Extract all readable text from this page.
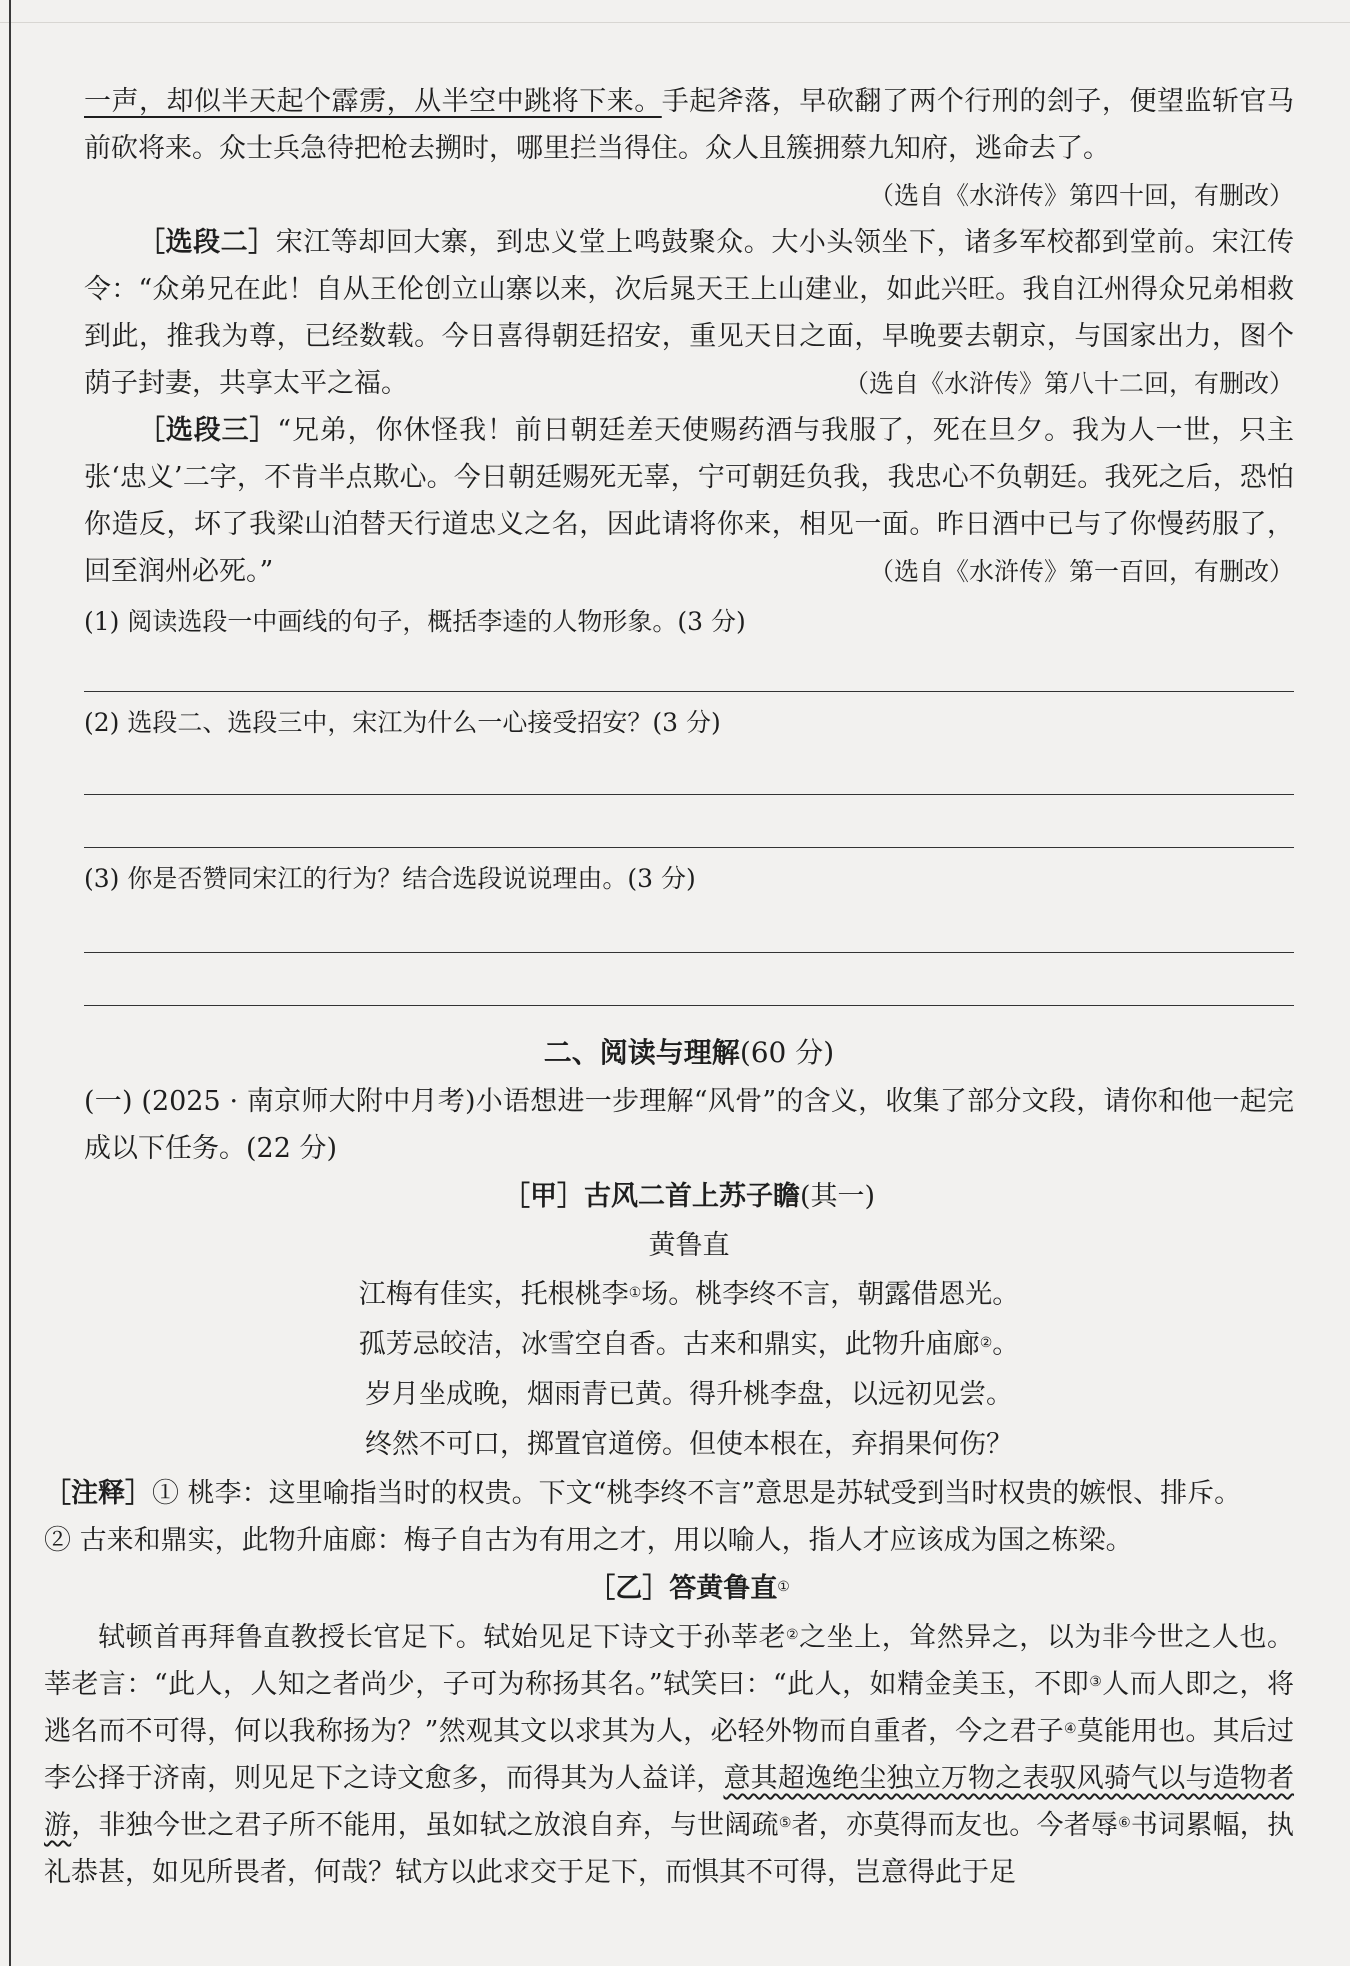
一声，却似半天起个霹雳，从半空中跳将下来。手起斧落，早砍翻了两个行刑的刽子，便望监斩官马前砍将来。众士兵急待把枪去搠时，哪里拦当得住。众人且簇拥蔡九知府，逃命去了。

（选自《水浒传》第四十回，有删改）

［选段二］宋江等却回大寨，到忠义堂上鸣鼓聚众。大小头领坐下，诸多军校都到堂前。宋江传令：“众弟兄在此！自从王伦创立山寨以来，次后晁天王上山建业，如此兴旺。我自江州得众兄弟相救到此，推我为尊，已经数载。今日喜得朝廷招安，重见天日之面，早晚要去朝京，与国家出力，图个荫子封妻，共享太平之福。	（选自《水浒传》第八十二回，有删改）

［选段三］“兄弟，你休怪我！前日朝廷差天使赐药酒与我服了，死在旦夕。我为人一世，只主张‘忠义’二字，不肯半点欺心。今日朝廷赐死无辜，宁可朝廷负我，我忠心不负朝廷。我死之后，恐怕你造反，坏了我梁山泊替天行道忠义之名，因此请将你来，相见一面。昨日酒中已与了你慢药服了，回至润州必死。”	（选自《水浒传》第一百回，有删改）

(1) 阅读选段一中画线的句子，概括李逵的人物形象。(3 分)

(2) 选段二、选段三中，宋江为什么一心接受招安？(3 分)

(3) 你是否赞同宋江的行为？结合选段说说理由。(3 分)

二、阅读与理解(60 分)

(一) (2025 · 南京师大附中月考)小语想进一步理解“风骨”的含义，收集了部分文段，请你和他一起完成以下任务。(22 分)

［甲］古风二首上苏子瞻(其一)

黄鲁直

江梅有佳实，托根桃李①场。桃李终不言，朝露借恩光。

孤芳忌皎洁，冰雪空自香。古来和鼎实，此物升庙廊②。

岁月坐成晚，烟雨青已黄。得升桃李盘，以远初见尝。

终然不可口，掷置官道傍。但使本根在，弃捐果何伤？

［注释］① 桃李：这里喻指当时的权贵。下文“桃李终不言”意思是苏轼受到当时权贵的嫉恨、排斥。
② 古来和鼎实，此物升庙廊：梅子自古为有用之才，用以喻人，指人才应该成为国之栋梁。

［乙］答黄鲁直①

轼顿首再拜鲁直教授长官足下。轼始见足下诗文于孙莘老②之坐上，耸然异之，以为非今世之人也。莘老言：“此人，人知之者尚少，子可为称扬其名。”轼笑曰：“此人，如精金美玉，不即③人而人即之，将逃名而不可得，何以我称扬为？”然观其文以求其为人，必轻外物而自重者，今之君子④莫能用也。其后过李公择于济南，则见足下之诗文愈多，而得其为人益详，意其超逸绝尘独立万物之表驭风骑气以与造物者游，非独今世之君子所不能用，虽如轼之放浪自弃，与世阔疏⑤者，亦莫得而友也。今者辱⑥书词累幅，执礼恭甚，如见所畏者，何哉？轼方以此求交于足下，而惧其不可得，岂意得此于足
